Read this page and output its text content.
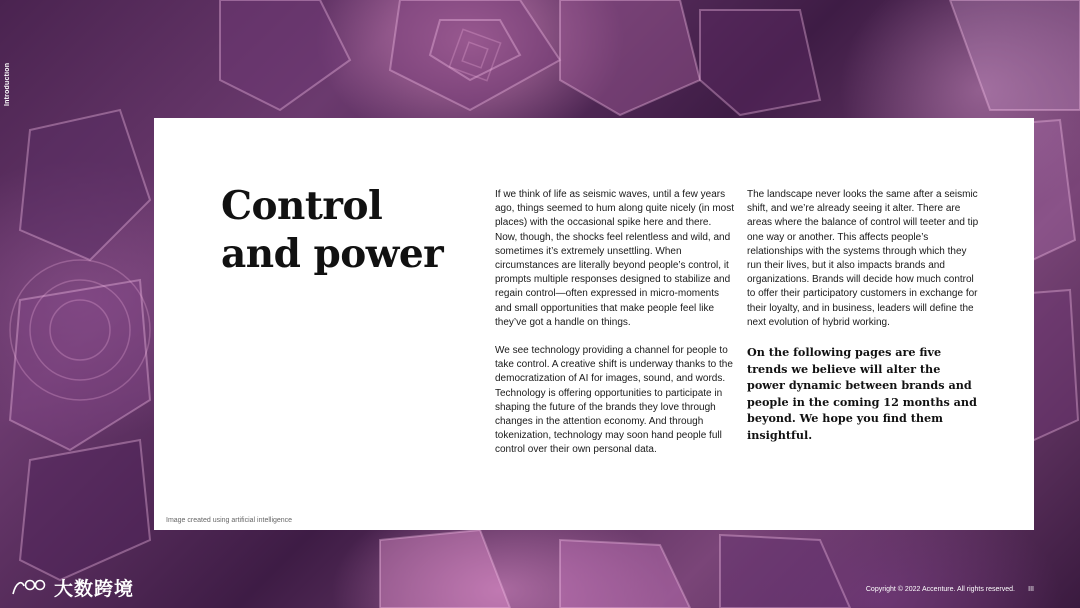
Introduction
Control
and power

If we think of life as seismic waves, until a few years ago, things seemed to hum along quite nicely (in most places) with the occasional spike here and there. Now, though, the shocks feel relentless and wild, and sometimes it’s extremely unsettling. When circumstances are literally beyond people’s control, it prompts multiple responses designed to stabilize and regain control—often expressed in micro-moments and small opportunities that make people feel like they’ve got a handle on things.

We see technology providing a channel for people to take control. A creative shift is underway thanks to the democratization of AI for images, sound, and words. Technology is offering opportunities to participate in shaping the future of the brands they love through changes in the attention economy. And through tokenization, technology may soon hand people full control over their own personal data.

The landscape never looks the same after a seismic shift, and we’re already seeing it alter. There are areas where the balance of control will teeter and tip one way or another. This affects people’s relationships with the systems through which they run their lives, but it also impacts brands and organizations. Brands will decide how much control to offer their participatory customers in exchange for their loyalty, and in business, leaders will define the next evolution of hybrid working.

On the following pages are five trends we believe will alter the power dynamic between brands and people in the coming 12 months and beyond. We hope you find them insightful.

Image created using artificial intelligence
大数跨境	Copyright © 2022 Accenture. All rights reserved. III
